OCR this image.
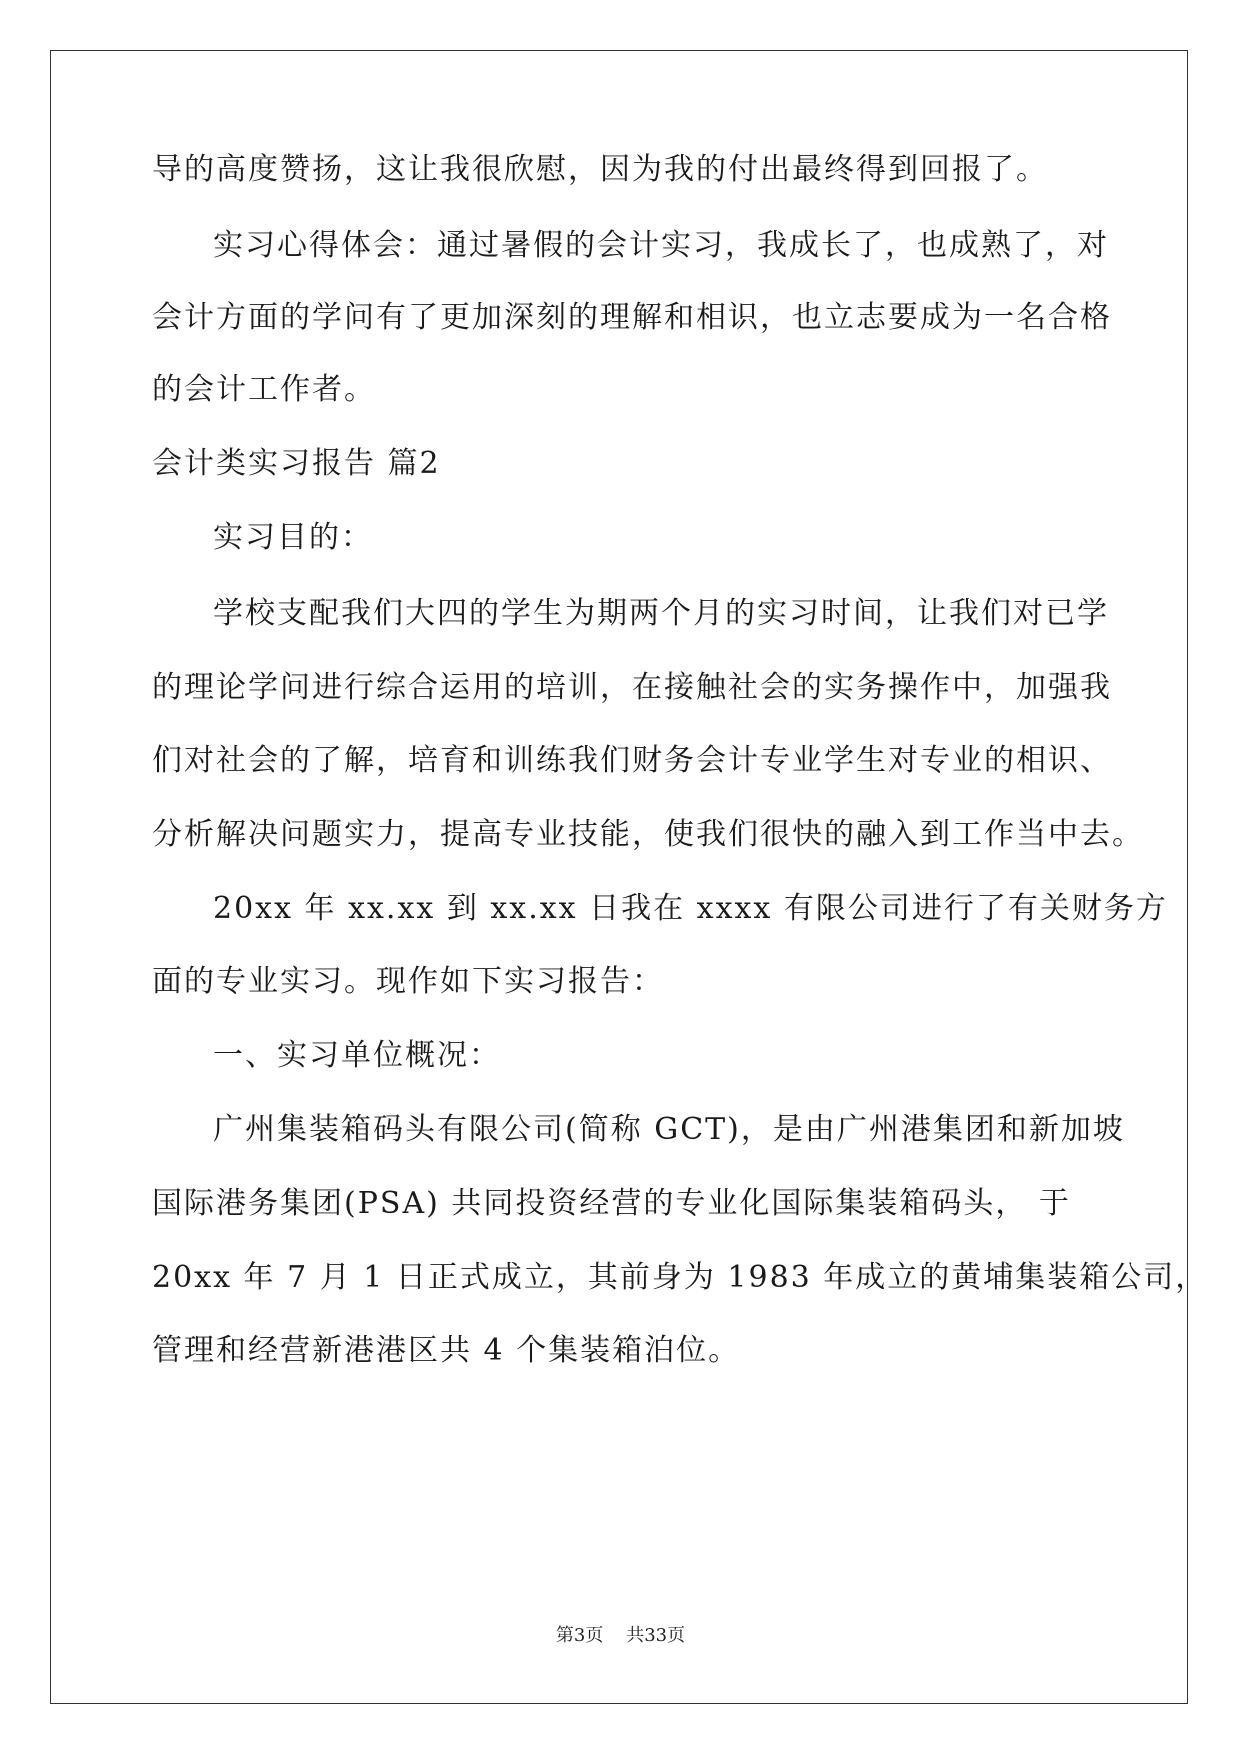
导的高度赞扬，这让我很欣慰，因为我的付出最终得到回报了。
实习心得体会：通过暑假的会计实习，我成长了，也成熟了，对
会计方面的学问有了更加深刻的理解和相识，也立志要成为一名合格
的会计工作者。
会计类实习报告 篇2
实习目的：
学校支配我们大四的学生为期两个月的实习时间，让我们对已学
的理论学问进行综合运用的培训，在接触社会的实务操作中，加强我
们对社会的了解，培育和训练我们财务会计专业学生对专业的相识、
分析解决问题实力，提高专业技能，使我们很快的融入到工作当中去。
20xx 年 xx.xx 到 xx.xx 日我在 xxxx 有限公司进行了有关财务方
面的专业实习。现作如下实习报告：
一、实习单位概况：
广州集装箱码头有限公司(简称 GCT)，是由广州港集团和新加坡
国际港务集团(PSA) 共同投资经营的专业化国际集装箱码头， 于
20xx 年 7 月 1 日正式成立，其前身为 1983 年成立的黄埔集装箱公司，
管理和经营新港港区共 4 个集装箱泊位。
第3页 共33页
